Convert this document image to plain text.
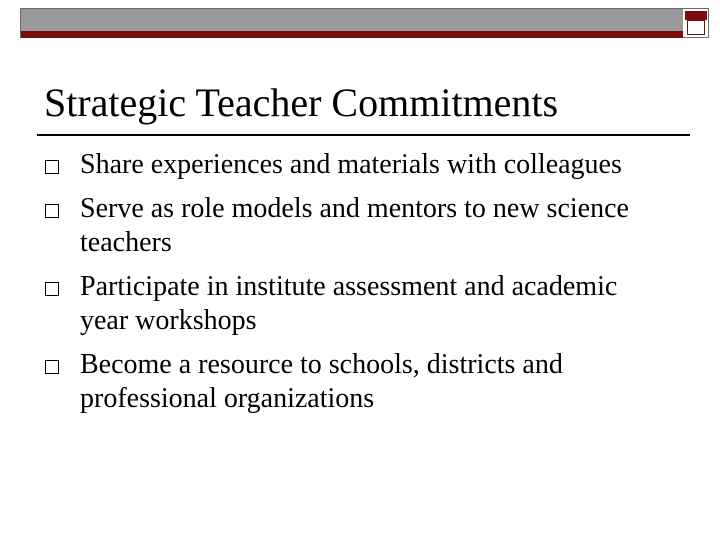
Strategic Teacher Commitments
Share experiences and materials with colleagues
Serve as role models and mentors to new science teachers
Participate in institute assessment and academic year workshops
Become a resource to schools, districts and professional organizations
